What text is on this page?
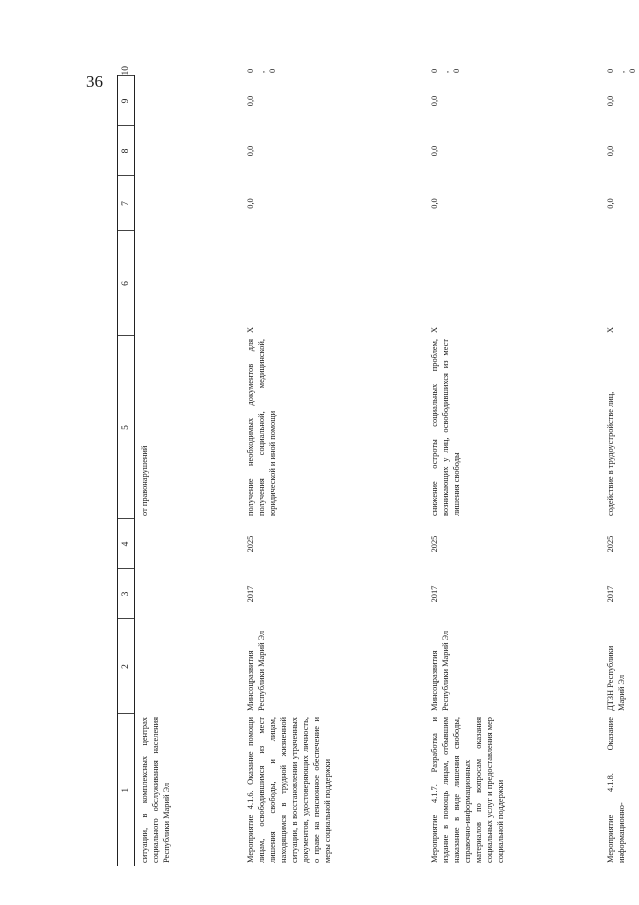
36
1	2	3	4	5	6	7	8	9	10
ситуации, в комплексных центрах социального обслуживания населения Республики Марий Эл				от правонарушений					
Мероприятие 4.1.6. Оказание помощи лицам, освободившимся из мест лишения свободы, и лицам, находящимся в трудной жизненной ситуации, в восстановлении утраченных документов, удостоверяющих личность, о праве на пенсионное обеспечение и меры социальной поддержки	Минсоцразвития Республики Марий Эл	2017	2025	получение необходимых документов для получения социальной, медицинской, юридической и иной помощи	X	0,0	0,0	0,0	0,0
Мероприятие 4.1.7. Разработка и издание в помощь лицам, отбывшим наказание в виде лишения свободы, справочно-информационных материалов по вопросам оказания социальных услуг и предоставления мер социальной поддержки	Минсоцразвития Республики Марий Эл	2017	2025	снижение остроты социальных проблем, возникающих у лиц, освободившихся из мест лишения свободы	X	0,0	0,0	0,0	0,0
Мероприятие 4.1.8. Оказание информационно-	ДТЗН Республики Марий Эл	2017	2025	содействие в трудоустройстве лиц,	X	0,0	0,0	0,0	0,0
